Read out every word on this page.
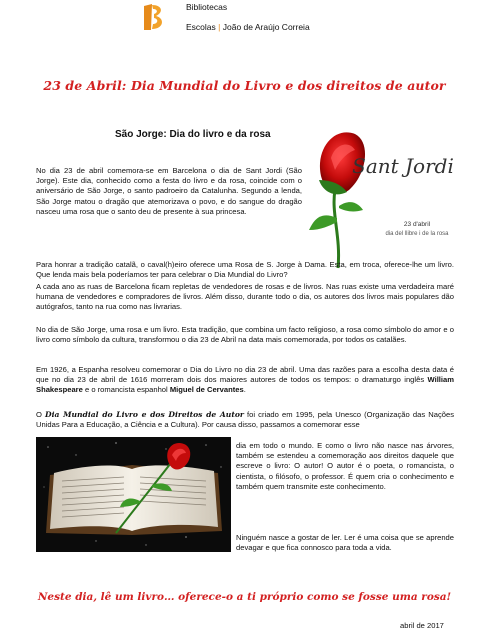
Bibliotecas
Escolas | João de Araújo Correia
23 de Abril: Dia Mundial do Livro e dos direitos de autor
São Jorge: Dia do livro e da rosa
Sant Jordi
23 d'abril
dia del llibre i de la rosa

No dia 23 de abril comemora-se em Barcelona o dia de Sant Jordi (São Jorge). Este dia, conhecido como a festa do livro e da rosa, coincide com o aniversário de São Jorge, o santo padroeiro da Catalunha. Segundo a lenda, São Jorge matou o dragão que atemorizava o povo, e do sangue do dragão nasceu uma rosa que o santo deu de presente à sua princesa.

Para honrar a tradição catalã, o caval(h)eiro oferece uma Rosa de S. Jorge à Dama. Esta, em troca, oferece-lhe um livro. Que lenda mais bela poderíamos ter para celebrar o Dia Mundial do Livro?

A cada ano as ruas de Barcelona ficam repletas de vendedores de rosas e de livros. Nas ruas existe uma verdadeira maré humana de vendedores e compradores de livros. Além disso, durante todo o dia, os autores dos livros mais populares dão autógrafos, tanto na rua como nas livrarias.

No dia de São Jorge, uma rosa e um livro. Esta tradição, que combina um facto religioso, a rosa como símbolo do amor e o livro como símbolo da cultura, transformou o dia 23 de Abril na data mais comemorada, por todos os catalães.

Em 1926, a Espanha resolveu comemorar o Dia do Livro no dia 23 de abril. Uma das razões para a escolha desta data é que no dia 23 de abril de 1616 morreram dois dos maiores autores de todos os tempos: o dramaturgo inglês William Shakespeare e o romancista espanhol Miguel de Cervantes.

O Dia Mundial do Livro e dos Direitos de Autor foi criado em 1995, pela Unesco (Organização das Nações Unidas Para a Educação, a Ciência e a Cultura). Por causa disso, passamos a comemorar esse

dia em todo o mundo. E como o livro não nasce nas árvores, também se estendeu a comemoração aos direitos daquele que escreve o livro: O autor! O autor é o poeta, o romancista, o cientista, o filósofo, o professor. É quem cria o conhecimento e também quem transmite este conhecimento.

Ninguém nasce a gostar de ler. Ler é uma coisa que se aprende devagar e que fica connosco para toda a vida.

Neste dia, lê um livro… oferece-o a ti próprio como se fosse uma rosa!
abril de 2017
